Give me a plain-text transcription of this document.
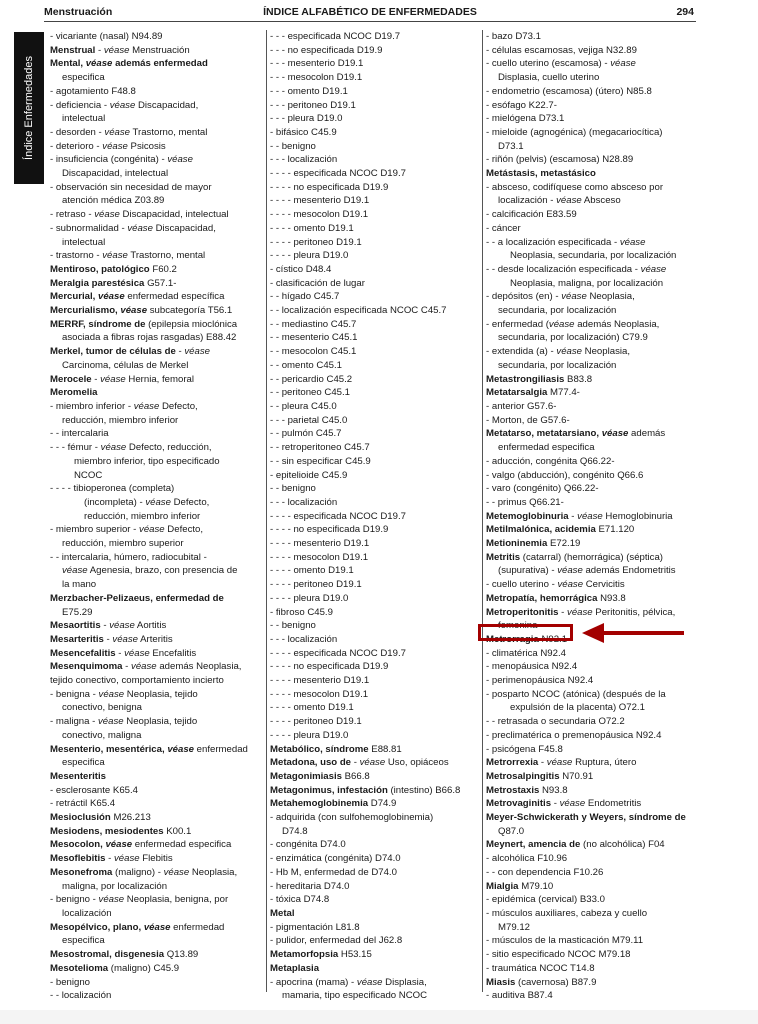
Menstruación	ÍNDICE ALFABÉTICO DE ENFERMEDADES	294
Índice Enfermedades
- vicariante (nasal) N94.89
Menstrual - véase Menstruación
Mental, véase además enfermedad
especifica
- agotamiento F48.8
- deficiencia - véase Discapacidad,
intelectual
- desorden - véase Trastorno, mental
- deterioro - véase Psicosis
- insuficiencia (congénita) - véase
Discapacidad, intelectual
- observación sin necesidad de mayor
atención médica Z03.89
- retraso - véase Discapacidad, intelectual
- subnormalidad - véase Discapacidad,
intelectual
- trastorno - véase Trastorno, mental
Mentiroso, patológico F60.2
Meralgia parestésica G57.1-
Mercurial, véase enfermedad específica
Mercurialismo, véase subcategoría T56.1
MERRF, síndrome de (epilepsia mioclónica
asociada a fibras rojas rasgadas) E88.42
Merkel, tumor de células de - véase
Carcinoma, células de Merkel
Merocele - véase Hernia, femoral
Meromelia
- miembro inferior - véase Defecto,
reducción, miembro inferior
- - intercalaria
- - - fémur - véase Defecto, reducción,
miembro inferior, tipo especificado
NCOC
- - - - tibioperonea (completa)
(incompleta) - véase Defecto,
reducción, miembro inferior
- miembro superior - véase Defecto,
reducción, miembro superior
- - intercalaria, húmero, radiocubital -
véase Agenesia, brazo, con presencia de
la mano
Merzbacher-Pelizaeus, enfermedad de
E75.29
Mesaortitis - véase Aortitis
Mesarteritis - véase Arteritis
Mesencefalitis - véase Encefalitis
Mesenquimoma - véase además Neoplasia,
tejido conectivo, comportamiento incierto
- benigna - véase Neoplasia, tejido
conectivo, benigna
- maligna - véase Neoplasia, tejido
conectivo, maligna
Mesenterio, mesentérica, véase enfermedad
especifica
Mesenteritis
- esclerosante K65.4
- retráctil K65.4
Mesioclusión M26.213
Mesiodens, mesiodentes K00.1
Mesocolon, véase enfermedad especifica
Mesoflebitis - véase Flebitis
Mesonefroma (maligno) - véase Neoplasia,
maligna, por localización
- benigno - véase Neoplasia, benigna, por
localización
Mesopélvico, plano, véase enfermedad
especifica
Mesostromal, disgenesia Q13.89
Mesotelioma (maligno) C45.9
- benigno
- - localización
- - - especificada NCOC D19.7
- - - no especificada D19.9
- - - mesenterio D19.1
- - - mesocolon D19.1
- - - omento D19.1
- - - peritoneo D19.1
- - - pleura D19.0
- bifásico C45.9
- - benigno
- - - localización
- - - - especificada NCOC D19.7
- - - - no especificada D19.9
- - - - mesenterio D19.1
- - - - mesocolon D19.1
- - - - omento D19.1
- - - - peritoneo D19.1
- - - - pleura D19.0
- cístico D48.4
- clasificación de lugar
- - hígado C45.7
- - localización especificada NCOC C45.7
- - mediastino C45.7
- - mesenterio C45.1
- - mesocolon C45.1
- - omento C45.1
- - pericardio C45.2
- - peritoneo C45.1
- - pleura C45.0
- - - parietal C45.0
- - pulmón C45.7
- - retroperitoneo C45.7
- - sin especificar C45.9
- epitelioide C45.9
- - benigno
- - - localización
- - - - especificada NCOC D19.7
- - - - no especificada D19.9
- - - - mesenterio D19.1
- - - - mesocolon D19.1
- - - - omento D19.1
- - - - peritoneo D19.1
- - - - pleura D19.0
- fibroso C45.9
- - benigno
- - - localización
- - - - especificada NCOC D19.7
- - - - no especificada D19.9
- - - - mesenterio D19.1
- - - - mesocolon D19.1
- - - - omento D19.1
- - - - peritoneo D19.1
- - - - pleura D19.0
Metabólico, síndrome E88.81
Metadona, uso de - véase Uso, opiáceos
Metagonimiasis B66.8
Metagonimus, infestación (intestino) B66.8
Metahemoglobinemia D74.9
- adquirida (con sulfohemoglobinemia)
D74.8
- congénita D74.0
- enzimática (congénita) D74.0
- Hb M, enfermedad de D74.0
- hereditaria D74.0
- tóxica D74.8
Metal
- pigmentación L81.8
- pulidor, enfermedad del J62.8
Metamorfopsia H53.15
Metaplasia
- apocrina (mama) - véase Displasia,
mamaria, tipo especificado NCOC
- bazo D73.1
- células escamosas, vejiga N32.89
- cuello uterino (escamosa) - véase
Displasia, cuello uterino
- endometrio (escamosa) (útero) N85.8
- esófago K22.7-
- mielógena D73.1
- mieloide (agnogénica) (megacariocítica)
D73.1
- riñón (pelvis) (escamosa) N28.89
Metástasis, metastásico
- absceso, codifíquese como absceso por
localización - véase Absceso
- calcificación E83.59
- cáncer
- - a localización especificada - véase
Neoplasia, secundaria, por localización
- - desde localización especificada - véase
Neoplasia, maligna, por localización
- depósitos (en) - véase Neoplasia,
secundaria, por localización
- enfermedad (véase además Neoplasia,
secundaria, por localización) C79.9
- extendida (a) - véase Neoplasia,
secundaria, por localización
Metastrongiliasis B83.8
Metatarsalgia M77.4-
- anterior G57.6-
- Morton, de G57.6-
Metatarso, metatarsiano, véase además
enfermedad especifica
- aducción, congénita Q66.22-
- valgo (abducción), congénito Q66.6
- varo (congénito) Q66.22-
- - primus Q66.21-
Metemoglobinuria - véase Hemoglobinuria
Metilmalónica, acidemia E71.120
Metioninemia E72.19
Metritis (catarral) (hemorrágica) (séptica)
(supurativa) - véase además Endometritis
- cuello uterino - véase Cervicitis
Metropatía, hemorrágica N93.8
Metroperitonitis - véase Peritonitis, pélvica,
femenina
Metrorragia N92.1
- climatérica N92.4
- menopáusica N92.4
- perimenopáusica N92.4
- posparto NCOC (atónica) (después de la
expulsión de la placenta) O72.1
- - retrasada o secundaria O72.2
- preclimatérica o premenopáusica N92.4
- psicógena F45.8
Metrorrexia - véase Ruptura, útero
Metrosalpingitis N70.91
Metrostaxis N93.8
Metrovaginitis - véase Endometritis
Meyer-Schwickerath y Weyers, síndrome de
Q87.0
Meynert, amencia de (no alcohólica) F04
- alcohólica F10.96
- - con dependencia F10.26
Mialgia M79.10
- epidémica (cervical) B33.0
- músculos auxiliares, cabeza y cuello
M79.12
- músculos de la masticación M79.11
- sitio especificado NCOC M79.18
- traumática NCOC T14.8
Miasis (cavernosa) B87.9
- auditiva B87.4
